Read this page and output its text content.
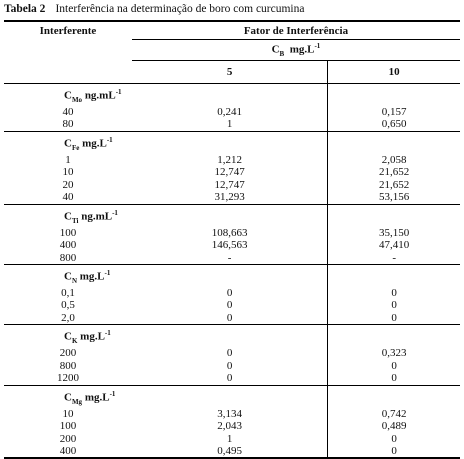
Tabela 2 Interferência na determinação de boro com curcumina
Interferente	Fator de Interferência	
	$C_B$ $mg.L^{-1}$
	5	10
$C_{Mo}$ $ng.mL^{-1}$		
40	0,241	0,157
80	1	0,650
$C_{Fe}$ $mg.L^{-1}$		
1	1,212	2,058
10	12,747	21,652
20	12,747	21,652
40	31,293	53,156
$C_{Ti}$ $ng.mL^{-1}$		
100	108,663	35,150
400	146,563	47,410
800	-	-
$C_N$ $mg.L^{-1}$		
0,1	0	0
0,5	0	0
2,0	0	0
$C_K$ $mg.L^{-1}$		
200	0	0,323
800	0	0
1200	0	0
$C_{Mg}$ $mg.L^{-1}$		
10	3,134	0,742
100	2,043	0,489
200	1	0
400	0,495	0
